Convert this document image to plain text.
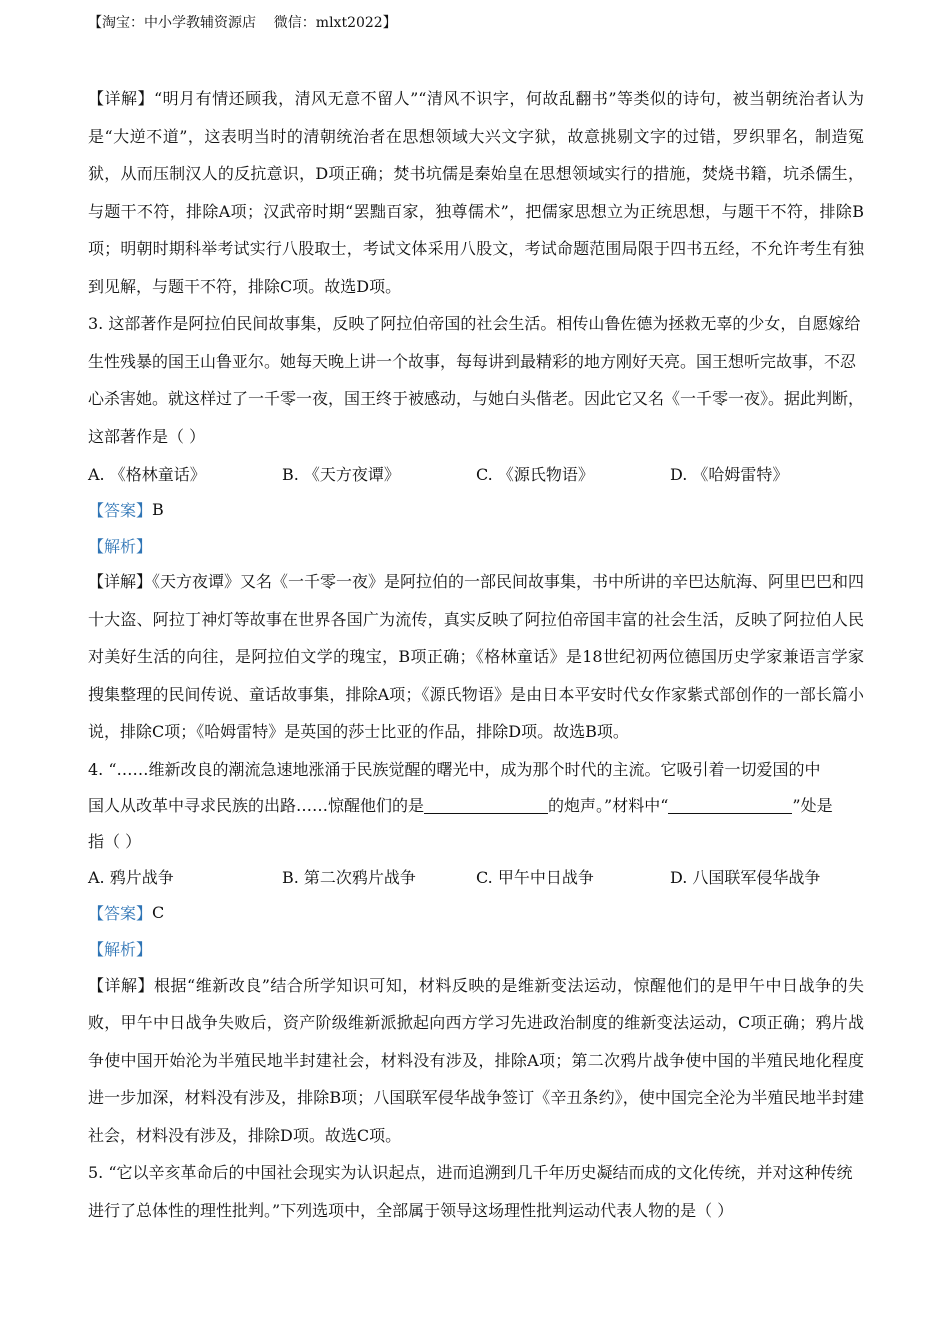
【淘宝：中小学教辅资源店    微信：mlxt2022】

【详解】“明月有情还顾我，清风无意不留人”“清风不识字，何故乱翻书”等类似的诗句，被当朝统治者认为是“大逆不道”，这表明当时的清朝统治者在思想领域大兴文字狱，故意挑剔文字的过错，罗织罪名，制造冤狱，从而压制汉人的反抗意识，D项正确；焚书坑儒是秦始皇在思想领域实行的措施，焚烧书籍，坑杀儒生，与题干不符，排除A项；汉武帝时期“罢黜百家，独尊儒术”，把儒家思想立为正统思想，与题干不符，排除B项；明朝时期科举考试实行八股取士，考试文体采用八股文，考试命题范围局限于四书五经，不允许考生有独到见解，与题干不符，排除C项。故选D项。

3. 这部著作是阿拉伯民间故事集，反映了阿拉伯帝国的社会生活。相传山鲁佐德为拯救无辜的少女，自愿嫁给生性残暴的国王山鲁亚尔。她每天晚上讲一个故事，每每讲到最精彩的地方刚好天亮。国王想听完故事，不忍心杀害她。就这样过了一千零一夜，国王终于被感动，与她白头偕老。因此它又名《一千零一夜》。据此判断，这部著作是（ ）

A. 《格林童话》	B. 《天方夜谭》	C. 《源氏物语》	D. 《哈姆雷特》
【答案】 B
【解析】

【详解】《天方夜谭》又名《一千零一夜》是阿拉伯的一部民间故事集，书中所讲的辛巴达航海、阿里巴巴和四十大盗、阿拉丁神灯等故事在世界各国广为流传，真实反映了阿拉伯帝国丰富的社会生活，反映了阿拉伯人民对美好生活的向往，是阿拉伯文学的瑰宝，B项正确；《格林童话》是18世纪初两位德国历史学家兼语言学家搜集整理的民间传说、童话故事集，排除A项；《源氏物语》是由日本平安时代女作家紫式部创作的一部长篇小说，排除C项；《哈姆雷特》是英国的莎士比亚的作品，排除D项。故选B项。

4. “……维新改良的潮流急速地涨涌于民族觉醒的曙光中，成为那个时代的主流。它吸引着一切爱国的中
国人从改革中寻求民族的出路……惊醒他们的是	的炮声。”材料中“	”处是
指（ ）
A. 鸦片战争	B. 第二次鸦片战争	C. 甲午中日战争	D. 八国联军侵华战争
【答案】 C
【解析】

【详解】根据“维新改良”结合所学知识可知，材料反映的是维新变法运动，惊醒他们的是甲午中日战争的失败，甲午中日战争失败后，资产阶级维新派掀起向西方学习先进政治制度的维新变法运动，C项正确；鸦片战争使中国开始沦为半殖民地半封建社会，材料没有涉及，排除A项；第二次鸦片战争使中国的半殖民地化程度进一步加深，材料没有涉及，排除B项；八国联军侵华战争签订《辛丑条约》，使中国完全沦为半殖民地半封建社会，材料没有涉及，排除D项。故选C项。

5. “它以辛亥革命后的中国社会现实为认识起点，进而追溯到几千年历史凝结而成的文化传统，并对这种传统进行了总体性的理性批判。”下列选项中，全部属于领导这场理性批判运动代表人物的是（ ）
